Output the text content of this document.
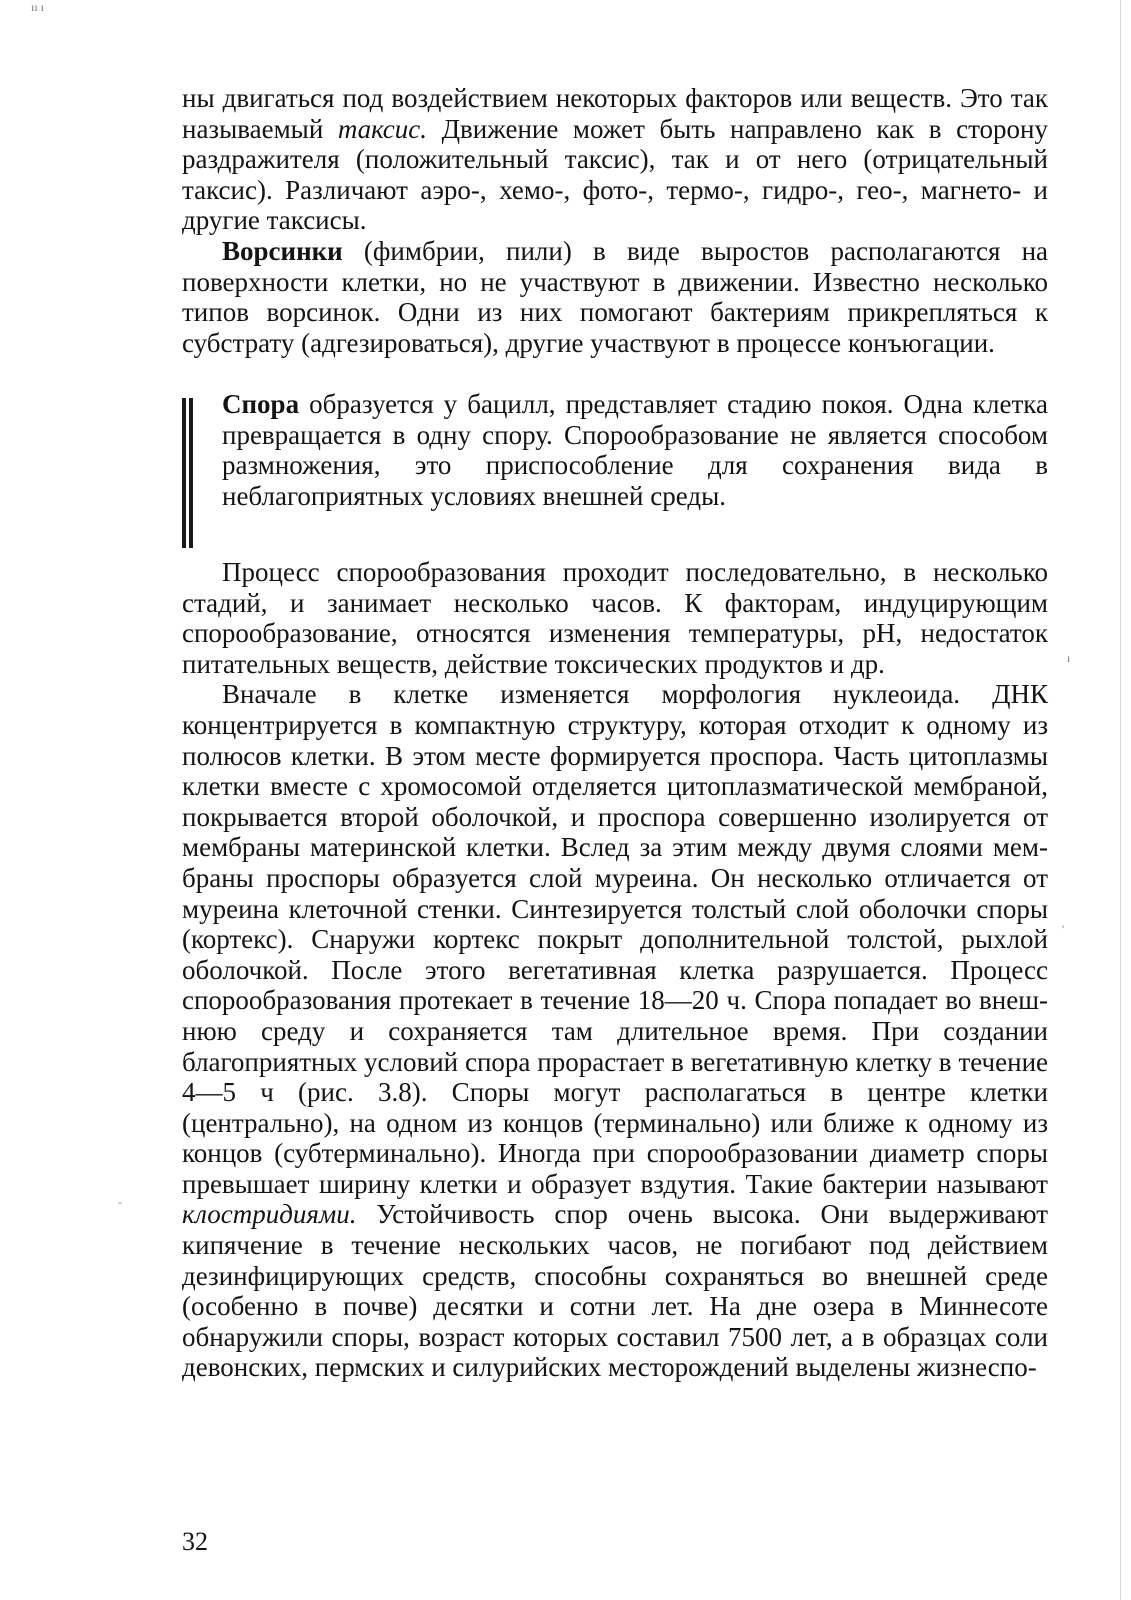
ıı ı

ны двигаться под воздействием некоторых факторов или веществ. Это так называемый таксис. Движение может быть направлено как в сторону раздражителя (положительный таксис), так и от него (отрицательный таксис). Различают аэро-, хемо-, фото-, термо-, гидро-, гео-, магнето- и другие таксисы.

Ворсинки (фимбрии, пили) в виде выростов располагаются на поверхности клетки, но не участвуют в движении. Известно несколько типов ворсинок. Одни из них помогают бактериям прикрепляться к субстрату (адгезироваться), другие участвуют в процессе конъюгации.

Спора образуется у бацилл, представляет стадию покоя. Одна клетка превращается в одну спору. Спорообразование не является способом размножения, это приспособление для сохранения вида в неблагоприятных условиях внешней среды.

Процесс спорообразования проходит последовательно, в несколько стадий, и занимает несколько часов. К факторам, индуцирующим спорообразование, относятся изменения температуры, pH, недостаток питательных веществ, действие токсических продуктов и др.

Вначале в клетке изменяется морфология нуклеоида. ДНК концентрируется в компактную структуру, которая отходит к одному из полюсов клетки. В этом месте формируется проспора. Часть цитоплазмы клетки вместе с хромосомой отделяется цитоплазматической мембраной, покрывается второй оболочкой, и проспора совершенно изолируется от мембраны материнской клетки. Вслед за этим между двумя слоями мембраны проспоры образуется слой муреина. Он несколько отличается от муреина клеточной стенки. Синтезируется толстый слой оболочки споры (кортекс). Снаружи кортекс покрыт дополнительной толстой, рыхлой оболочкой. После этого вегетативная клетка разрушается. Процесс спорообразования протекает в течение 18—20 ч. Спора попадает во внешнюю среду и сохраняется там длительное время. При создании благоприятных условий спора прорастает в вегетативную клетку в течение 4—5 ч (рис. 3.8). Споры могут располагаться в центре клетки (центрально), на одном из концов (терминально) или ближе к одному из концов (субтерминально). Иногда при спорообразовании диаметр споры превышает ширину клетки и образует вздутия. Такие бактерии называют клостридиями. Устойчивость спор очень высока. Они выдерживают кипячение в течение нескольких часов, не погибают под действием дезинфицирующих средств, способны сохраняться во внешней среде (особенно в почве) десятки и сотни лет. На дне озера в Миннесоте обнаружили споры, возраст которых составил 7500 лет, а в образцах соли девонских, пермских и силурийских месторождений выделены жизнеспо-

ı
'
-
32
